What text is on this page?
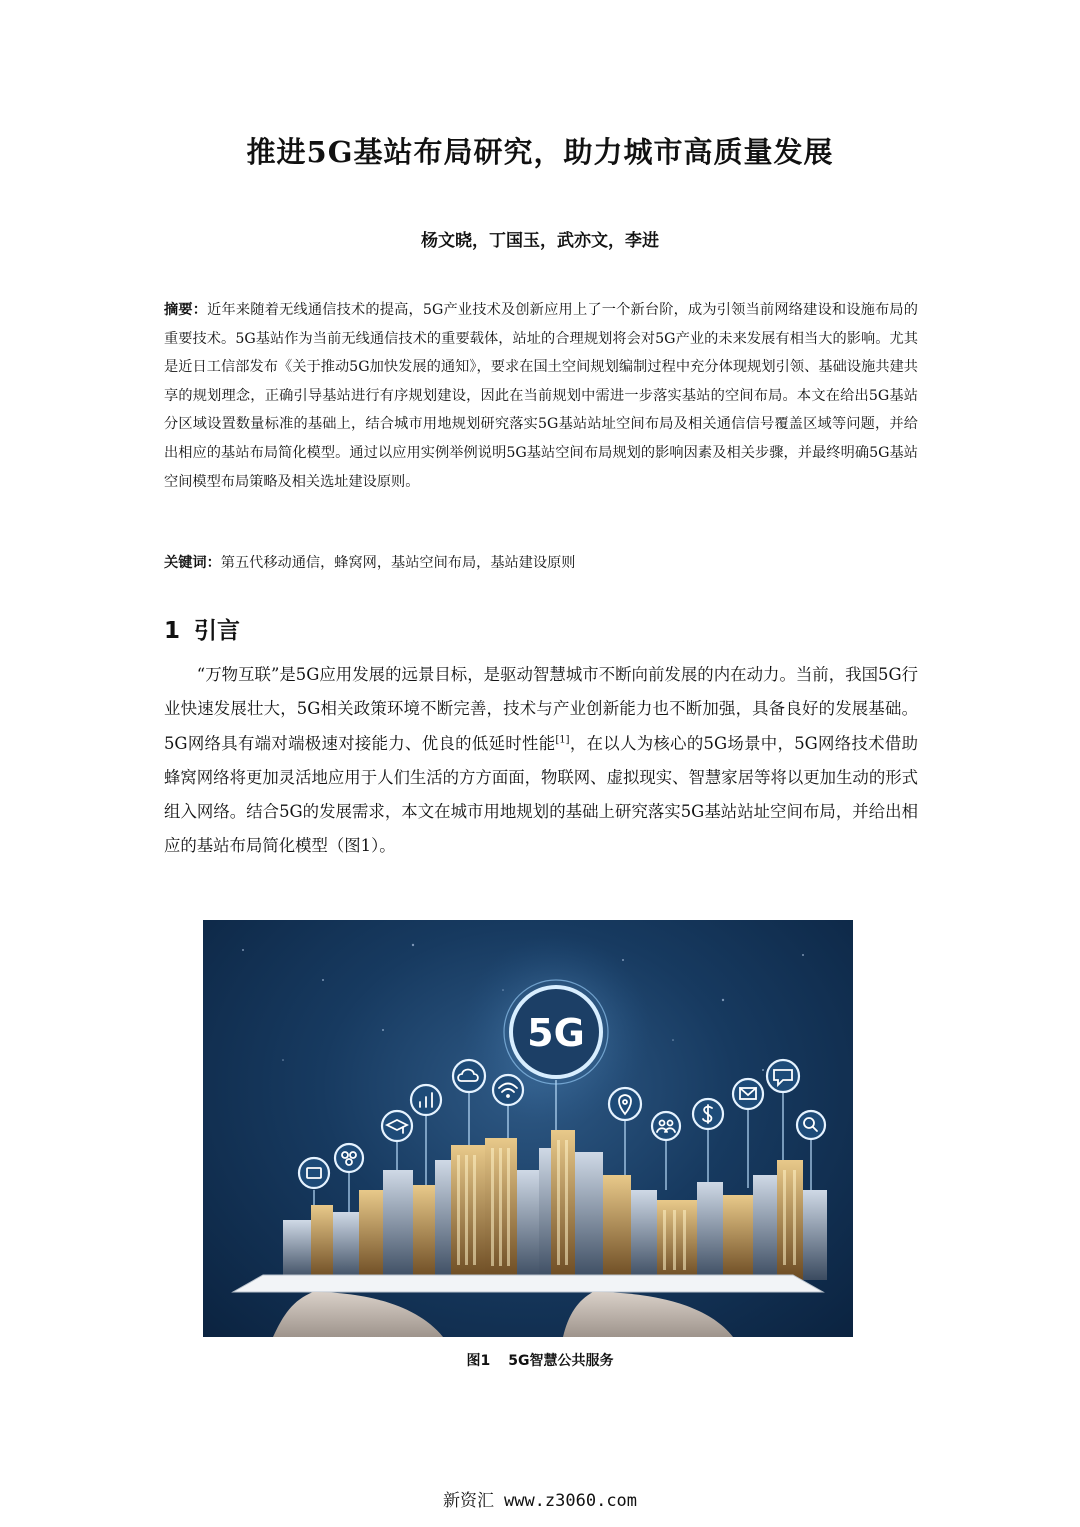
推进5G基站布局研究，助力城市高质量发展
杨文晓，丁国玉，武亦文，李进
摘要：近年来随着无线通信技术的提高，5G产业技术及创新应用上了一个新台阶，成为引领当前网络建设和设施布局的重要技术。5G基站作为当前无线通信技术的重要载体，站址的合理规划将会对5G产业的未来发展有相当大的影响。尤其是近日工信部发布《关于推动5G加快发展的通知》，要求在国土空间规划编制过程中充分体现规划引领、基础设施共建共享的规划理念，正确引导基站进行有序规划建设，因此在当前规划中需进一步落实基站的空间布局。本文在给出5G基站分区域设置数量标准的基础上，结合城市用地规划研究落实5G基站站址空间布局及相关通信信号覆盖区域等问题，并给出相应的基站布局简化模型。通过以应用实例举例说明5G基站空间布局规划的影响因素及相关步骤，并最终明确5G基站空间模型布局策略及相关选址建设原则。
关键词：第五代移动通信，蜂窝网，基站空间布局，基站建设原则
1 引言
“万物互联”是5G应用发展的远景目标，是驱动智慧城市不断向前发展的内在动力。当前，我国5G行业快速发展壮大，5G相关政策环境不断完善，技术与产业创新能力也不断加强，具备良好的发展基础。5G网络具有端对端极速对接能力、优良的低延时性能[1]，在以人为核心的5G场景中，5G网络技术借助蜂窝网络将更加灵活地应用于人们生活的方方面面，物联网、虚拟现实、智慧家居等将以更加生动的形式组入网络。结合5G的发展需求，本文在城市用地规划的基础上研究落实5G基站站址空间布局，并给出相应的基站布局简化模型（图1）。
5G
图1 5G智慧公共服务
新资汇 www.z3060.com
